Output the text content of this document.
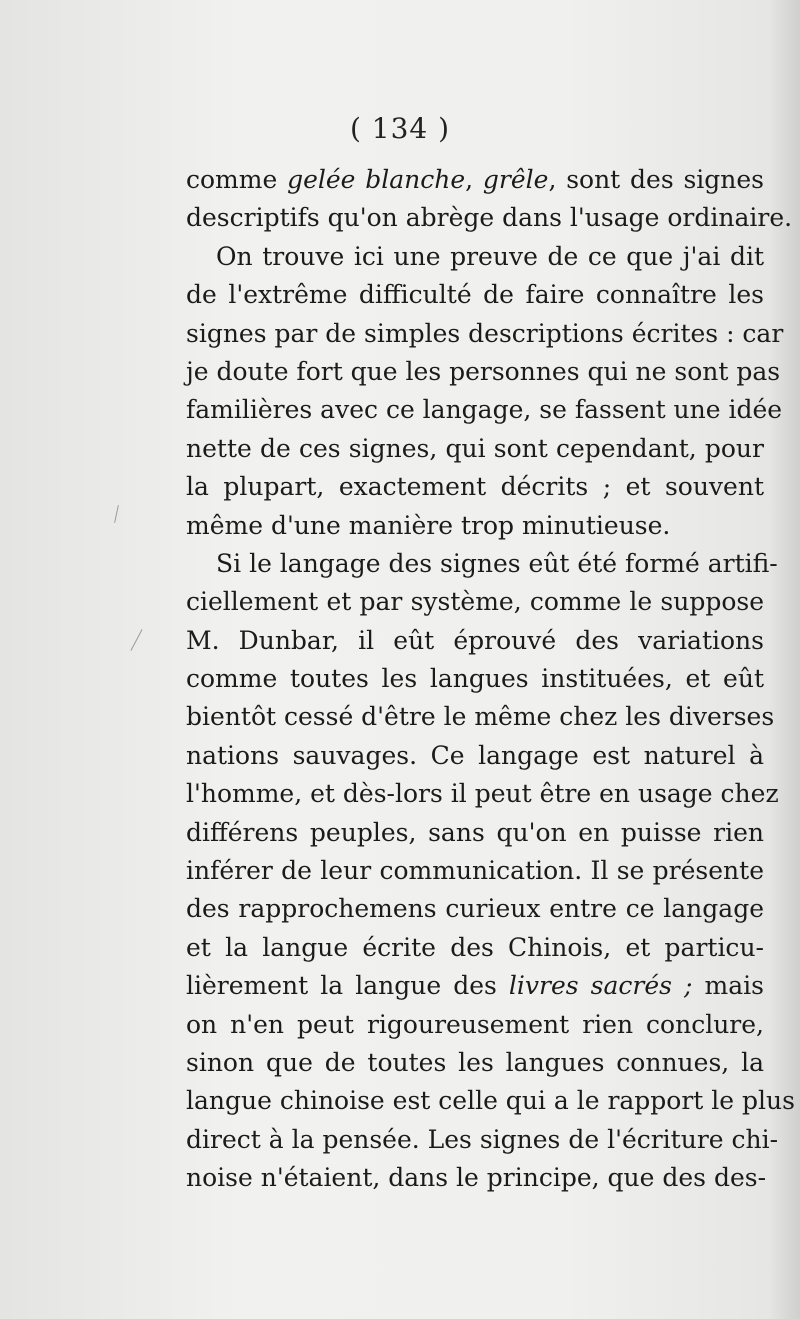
( 134 )
comme gelée blanche, grêle, sont des signes
descriptifs qu'on abrège dans l'usage ordinaire.
On trouve ici une preuve de ce que j'ai dit
de l'extrême difficulté de faire connaître les
signes par de simples descriptions écrites : car
je doute fort que les personnes qui ne sont pas
familières avec ce langage, se fassent une idée
nette de ces signes, qui sont cependant, pour
la plupart, exactement décrits ; et souvent
même d'une manière trop minutieuse.
Si le langage des signes eût été formé artifi-
ciellement et par système, comme le suppose
M. Dunbar, il eût éprouvé des variations
comme toutes les langues instituées, et eût
bientôt cessé d'être le même chez les diverses
nations sauvages. Ce langage est naturel à
l'homme, et dès-lors il peut être en usage chez
différens peuples, sans qu'on en puisse rien
inférer de leur communication. Il se présente
des rapprochemens curieux entre ce langage
et la langue écrite des Chinois, et particu-
lièrement la langue des livres sacrés ; mais
on n'en peut rigoureusement rien conclure,
sinon que de toutes les langues connues, la
langue chinoise est celle qui a le rapport le plus
direct à la pensée. Les signes de l'écriture chi-
noise n'étaient, dans le principe, que des des-
